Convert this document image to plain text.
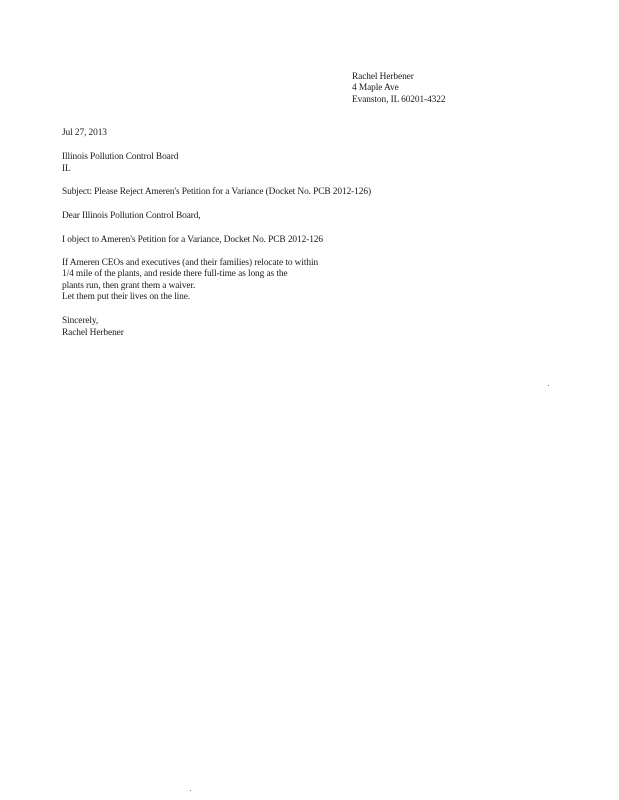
Rachel Herbener
4 Maple Ave
Evanston, IL 60201-4322
Jul 27, 2013
Illinois Pollution Control Board
IL
Subject: Please Reject Ameren's Petition for a Variance (Docket No. PCB 2012-126)
Dear Illinois Pollution Control Board,
I object to Ameren's Petition for a Variance, Docket No. PCB 2012-126
If Ameren CEOs and executives (and their families) relocate to within
1/4 mile of the plants, and reside there full-time as long as the
plants run, then grant them a waiver.
Let them put their lives on the line.
Sincerely,
Rachel Herbener
